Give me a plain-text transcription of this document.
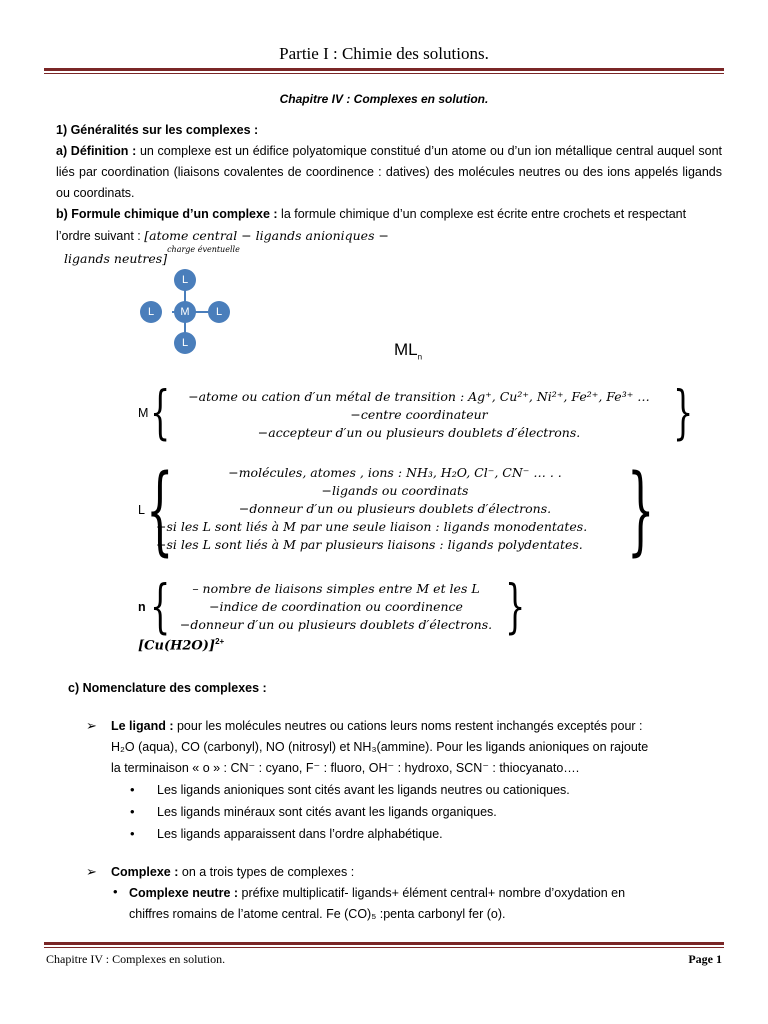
Partie I : Chimie des solutions.
Chapitre IV : Complexes en solution.
1) Généralités sur les complexes :
a) Définition : un complexe est un édifice polyatomique constitué d’un atome ou d’un ion métallique central auquel sont liés par coordination (liaisons covalentes de coordinence : datives) des molécules neutres ou des ions appelés ligands ou coordinats.
b) Formule chimique d’un complexe : la formule chimique d’un complexe est écrite entre crochets et respectant l’ordre suivant : [atome central − ligands anioniques −
ligands neutres]$^{charge éventuelle}$
L
L	M	L
L	$ML_n$
M {	}
−atome ou cation d′un métal de transition : Ag⁺, Cu²⁺, Ni²⁺, Fe²⁺, Fe³⁺ …
−centre coordinateur
−accepteur d′un ou plusieurs doublets d′électrons.
L {	}
−molécules, atomes , ions : NH₃, H₂O, Cl⁻, CN⁻ … . .
−ligands ou coordinats
−donneur d′un ou plusieurs doublets d′électrons.
−si les L sont liés à M par une seule liaison : ligands monodentates.
−si les L sont liés à M par plusieurs liaisons : ligands polydentates.
n {	}
– nombre de liaisons simples entre M et les L
−indice de coordination ou coordinence
−donneur d′un ou plusieurs doublets d′électrons.
$[Cu(H2O)]^{2+}$
c) Nomenclature des complexes :
➢ Le ligand : pour les molécules neutres ou cations leurs noms restent inchangés exceptés pour :
H₂O (aqua), CO (carbonyl), NO (nitrosyl) et NH₃(ammine). Pour les ligands anioniques on rajoute
la terminaison « o » : CN⁻ : cyano, F⁻ : fluoro, OH⁻ : hydroxo, SCN⁻ : thiocyanato….
• Les ligands anioniques sont cités avant les ligands neutres ou cationiques.
• Les ligands minéraux sont cités avant les ligands organiques.
• Les ligands apparaissent dans l’ordre alphabétique.
➢ Complexe : on a trois types de complexes :
• Complexe neutre : préfixe multiplicatif- ligands+ élément central+ nombre d’oxydation en
chiffres romains de l’atome central. Fe (CO)₅ :penta carbonyl fer (o).
Chapitre IV : Complexes en solution.	Page 1
